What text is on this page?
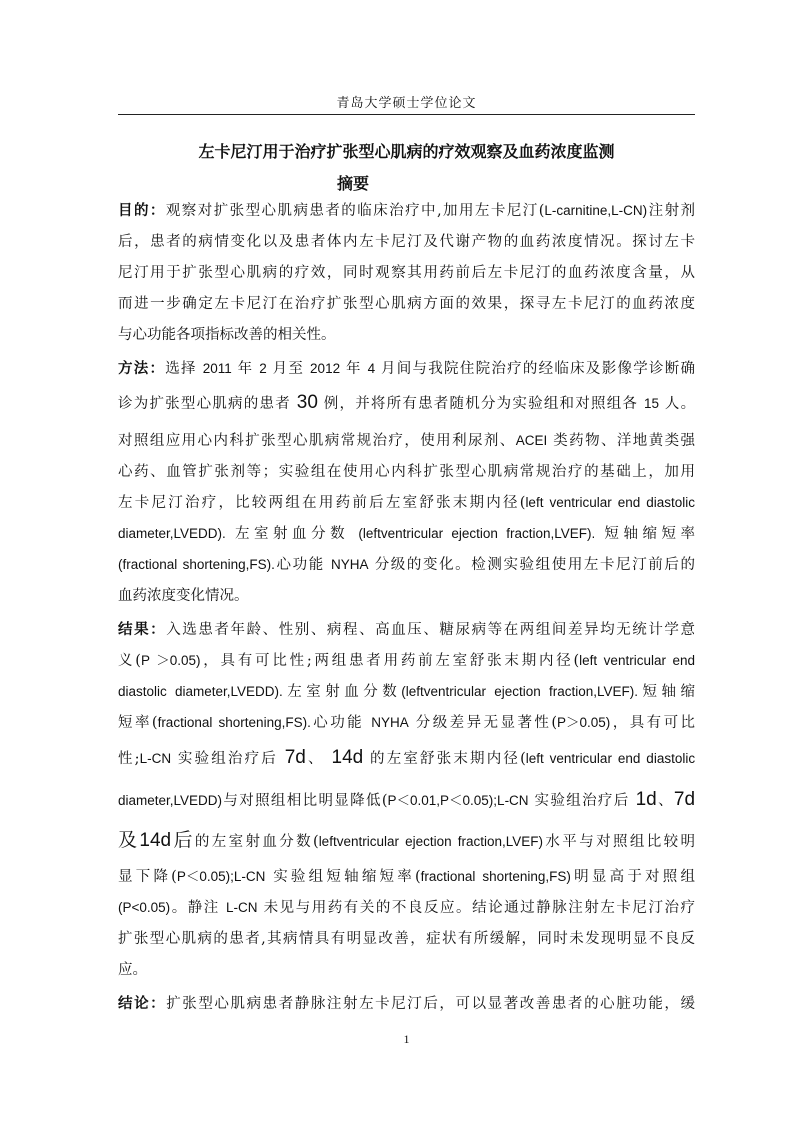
青岛大学硕士学位论文
左卡尼汀用于治疗扩张型心肌病的疗效观察及血药浓度监测
摘要
目的：观察对扩张型心肌病患者的临床治疗中,加用左卡尼汀(L-carnitine,L-CN)注射剂
后，患者的病情变化以及患者体内左卡尼汀及代谢产物的血药浓度情况。探讨左卡
尼汀用于扩张型心肌病的疗效，同时观察其用药前后左卡尼汀的血药浓度含量，从
而进一步确定左卡尼汀在治疗扩张型心肌病方面的效果，探寻左卡尼汀的血药浓度
与心功能各项指标改善的相关性。
方法：选择 2011 年 2 月至 2012 年 4 月间与我院住院治疗的经临床及影像学诊断确
诊为扩张型心肌病的患者 30 例，并将所有患者随机分为实验组和对照组各 15 人。
对照组应用心内科扩张型心肌病常规治疗，使用利尿剂、ACEI 类药物、洋地黄类强
心药、血管扩张剂等；实验组在使用心内科扩张型心肌病常规治疗的基础上，加用
左卡尼汀治疗，比较两组在用药前后左室舒张末期内径(left ventricular end diastolic
diameter,LVEDD). 左室射血分数 (leftventricular ejection fraction,LVEF). 短轴缩短率
(fractional shortening,FS).心功能 NYHA 分级的变化。检测实验组使用左卡尼汀前后的
血药浓度变化情况。
结果：入选患者年龄、性别、病程、高血压、糖尿病等在两组间差异均无统计学意
义(P ＞0.05)，具有可比性;两组患者用药前左室舒张末期内径(left ventricular end
diastolic diameter,LVEDD).左室射血分数(leftventricular ejection fraction,LVEF).短轴缩
短率(fractional shortening,FS).心功能 NYHA 分级差异无显著性(P＞0.05)，具有可比
性;L-CN 实验组治疗后 7d、 14d 的左室舒张末期内径(left ventricular end diastolic
diameter,LVEDD)与对照组相比明显降低(P＜0.01,P＜0.05);L-CN 实验组治疗后 1d、7d
及14d后的左室射血分数(leftventricular ejection fraction,LVEF)水平与对照组比较明
显下降(P＜0.05);L-CN 实验组短轴缩短率(fractional shortening,FS)明显高于对照组
(P<0.05)。静注 L-CN 未见与用药有关的不良反应。结论通过静脉注射左卡尼汀治疗
扩张型心肌病的患者,其病情具有明显改善，症状有所缓解，同时未发现明显不良反
应。
结论：扩张型心肌病患者静脉注射左卡尼汀后，可以显著改善患者的心脏功能，缓
1
